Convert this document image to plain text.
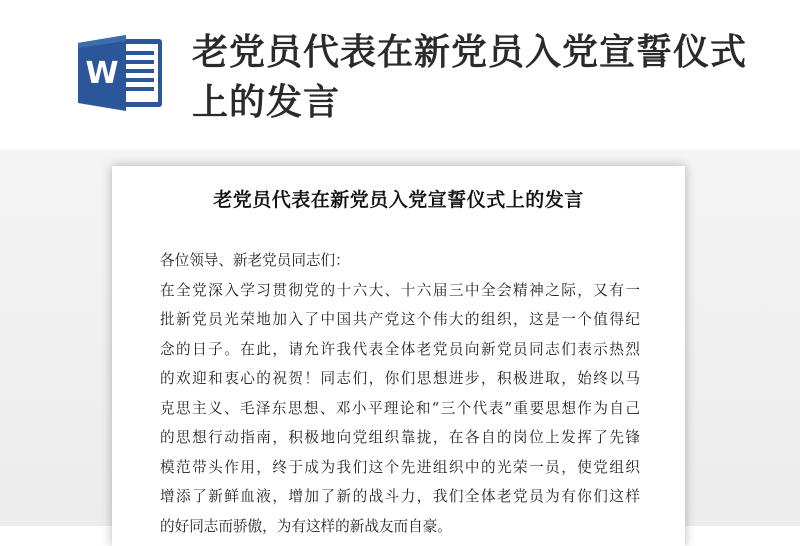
W
老党员代表在新党员入党宣誓仪式上的发言
老党员代表在新党员入党宣誓仪式上的发言

各位领导、新老党员同志们：

在全党深入学习贯彻党的十六大、十六届三中全会精神之际，又有一
批新党员光荣地加入了中国共产党这个伟大的组织，这是一个值得纪
念的日子。在此，请允许我代表全体老党员向新党员同志们表示热烈
的欢迎和衷心的祝贺！同志们，你们思想进步，积极进取，始终以马
克思主义、毛泽东思想、邓小平理论和“三个代表”重要思想作为自己
的思想行动指南，积极地向党组织靠拢，在各自的岗位上发挥了先锋
模范带头作用，终于成为我们这个先进组织中的光荣一员，使党组织
增添了新鲜血液，增加了新的战斗力，我们全体老党员为有你们这样
的好同志而骄傲，为有这样的新战友而自豪。
